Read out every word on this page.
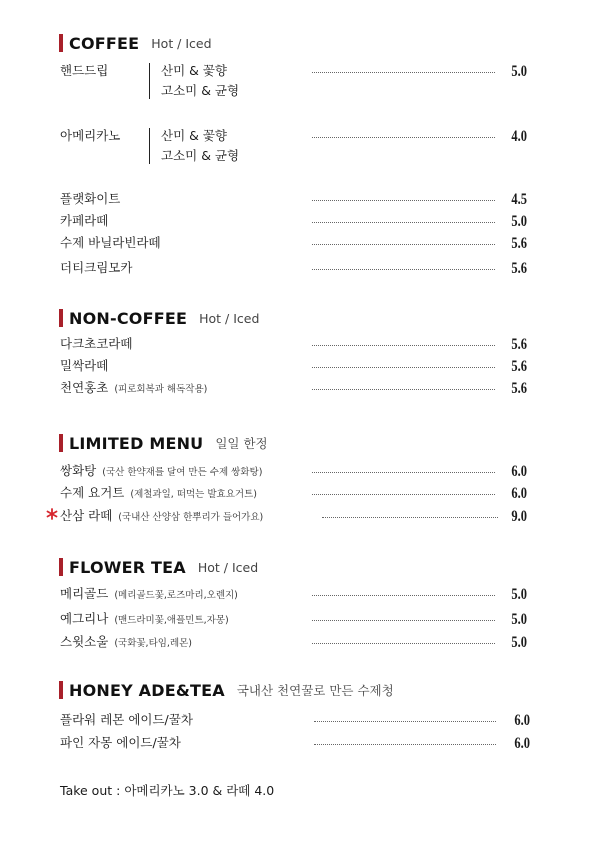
COFFEE Hot / Iced
핸드드립	산미 & 꽃향
고소미 & 균형
5.0
아메리카노	산미 & 꽃향
고소미 & 균형
4.0
플랫화이트	4.5
카페라떼	5.0
수제 바닐라빈라떼	5.6
더티크림모카	5.6
NON-COFFEE Hot / Iced
다크초코라떼	5.6
밀싹라떼	5.6
천연홍초 (피로회복과 해독작용)	5.6
LIMITED MENU 일일 한정
쌍화탕 (국산 한약재를 달여 만든 수제 쌍화탕)	6.0
수제 요거트 (제철과일, 떠먹는 발효요거트)	6.0
산삼 라떼 (국내산 산양삼 한뿌리가 들어가요)	9.0
FLOWER TEA Hot / Iced
메리골드 (메리골드꽃,로즈마리,오렌지)	5.0
예그리나 (맨드라미꽃,애플민트,자몽)	5.0
스윗소울 (국화꽃,타임,레몬)	5.0
HONEY ADE&TEA 국내산 천연꿀로 만든 수제청
플라워 레몬 에이드/꿀차	6.0
파인 자몽 에이드/꿀차	6.0
Take out : 아메리카노 3.0 & 라떼 4.0
